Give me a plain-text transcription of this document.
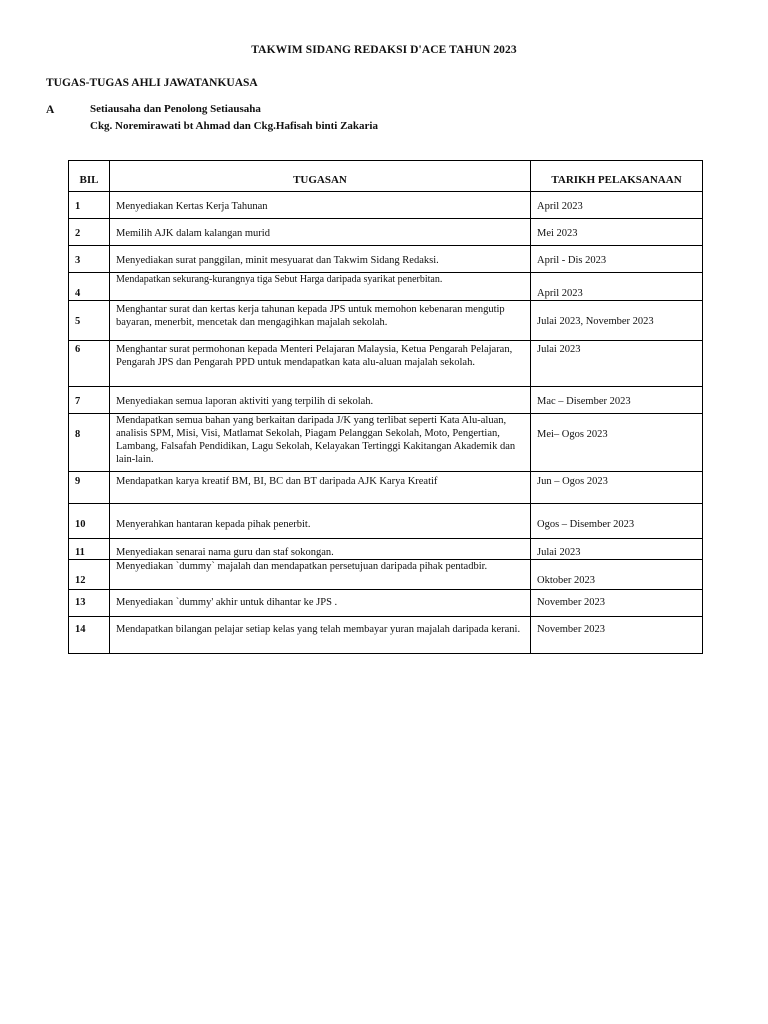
TAKWIM SIDANG REDAKSI D'ACE TAHUN 2023
TUGAS-TUGAS AHLI JAWATANKUASA
A	Setiausaha dan Penolong Setiausaha
Ckg. Noremirawati bt Ahmad dan Ckg.Hafisah binti Zakaria
BIL	TUGASAN	TARIKH PELAKSANAAN
1	Menyediakan Kertas Kerja Tahunan	April 2023
2	Memilih AJK dalam kalangan murid	Mei 2023
3	Menyediakan surat panggilan, minit mesyuarat dan Takwim Sidang Redaksi.	April - Dis 2023
4	Mendapatkan sekurang-kurangnya tiga Sebut Harga daripada syarikat penerbitan.	April 2023
5	Menghantar surat dan kertas kerja tahunan kepada JPS untuk memohon kebenaran mengutip bayaran, menerbit, mencetak dan mengagihkan majalah sekolah.	Julai 2023, November 2023
6	Menghantar surat permohonan kepada Menteri Pelajaran Malaysia, Ketua Pengarah Pelajaran, Pengarah JPS dan Pengarah PPD untuk mendapatkan kata alu-aluan majalah sekolah.	Julai 2023
7	Menyediakan semua laporan aktiviti yang terpilih di sekolah.	Mac – Disember 2023
8	Mendapatkan semua bahan yang berkaitan daripada J/K yang terlibat seperti Kata Alu-aluan, analisis SPM, Misi, Visi, Matlamat Sekolah, Piagam Pelanggan Sekolah, Moto, Pengertian, Lambang, Falsafah Pendidikan, Lagu Sekolah, Kelayakan Tertinggi Kakitangan Akademik dan lain-lain.	Mei– Ogos 2023
9	Mendapatkan karya kreatif BM, BI, BC dan BT daripada AJK Karya Kreatif	Jun – Ogos 2023
10	Menyerahkan hantaran kepada pihak penerbit.	Ogos – Disember 2023
11	Menyediakan senarai nama guru dan staf sokongan.	Julai 2023
12	Menyediakan `dummy` majalah dan mendapatkan persetujuan daripada pihak pentadbir.	Oktober 2023
13	Menyediakan `dummy' akhir untuk dihantar ke JPS .	November 2023
14	Mendapatkan bilangan pelajar setiap kelas yang telah membayar yuran majalah daripada kerani.	November 2023
